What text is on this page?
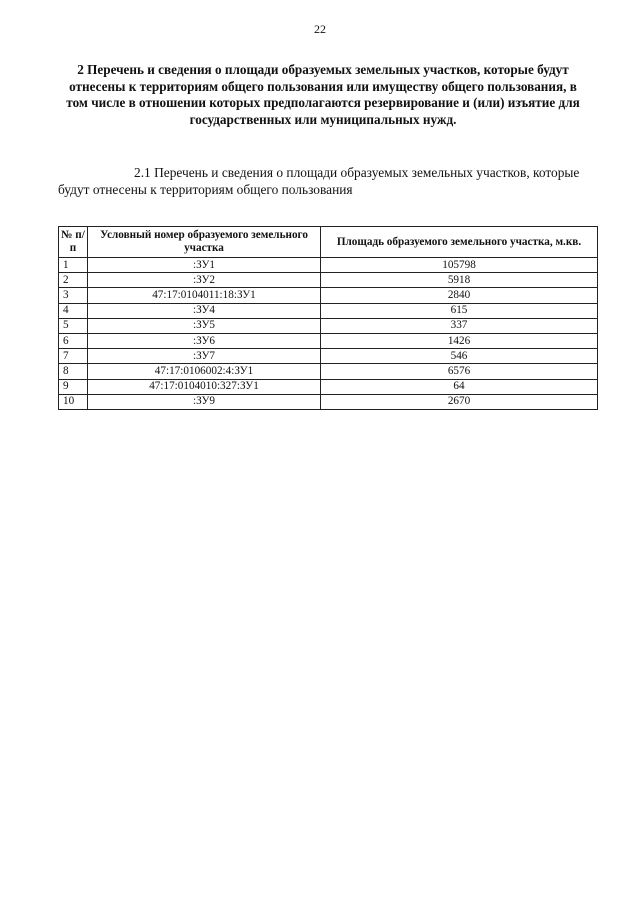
22

2 Перечень и сведения о площади образуемых земельных участков, которые будут отнесены к территориям общего пользования или имуществу общего пользования, в том числе в отношении которых предполагаются резервирование и (или) изъятие для государственных или муниципальных нужд.

2.1 Перечень и сведения о площади образуемых земельных участков, которые будут отнесены к территориям общего пользования

№ п/п	Условный номер образуемого земельного участка	Площадь образуемого земельного участка, м.кв.
1	:ЗУ1	105798
2	:ЗУ2	5918
3	47:17:0104011:18:ЗУ1	2840
4	:ЗУ4	615
5	:ЗУ5	337
6	:ЗУ6	1426
7	:ЗУ7	546
8	47:17:0106002:4:ЗУ1	6576
9	47:17:0104010:327:ЗУ1	64
10	:ЗУ9	2670
